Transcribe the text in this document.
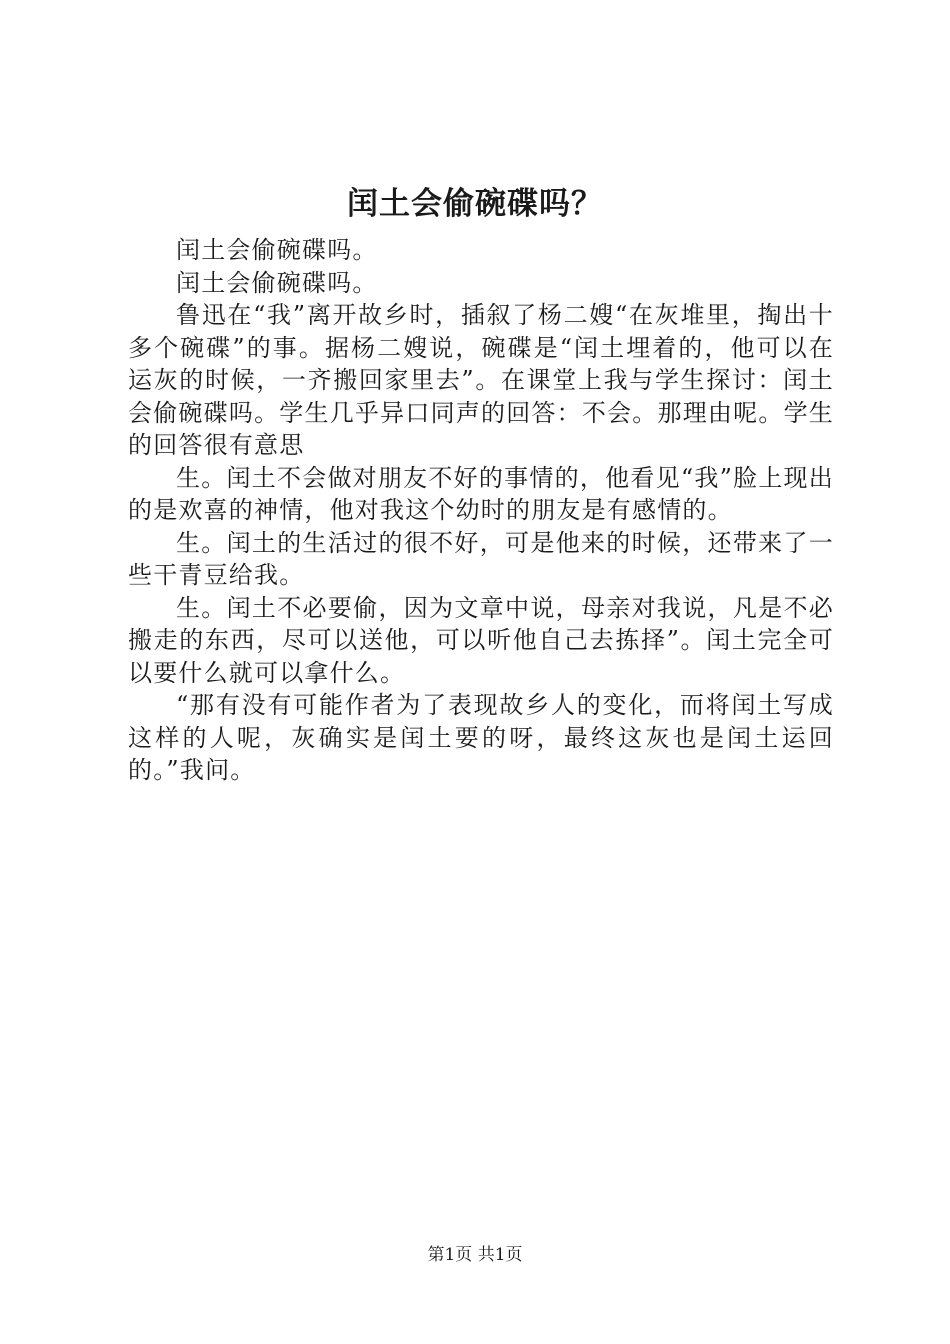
闰土会偷碗碟吗？

闰土会偷碗碟吗。

闰土会偷碗碟吗。

鲁迅在“我”离开故乡时，插叙了杨二嫂“在灰堆里，掏出十多个碗碟”的事。据杨二嫂说，碗碟是“闰土埋着的，他可以在运灰的时候，一齐搬回家里去”。在课堂上我与学生探讨：闰土会偷碗碟吗。学生几乎异口同声的回答：不会。那理由呢。学生的回答很有意思

生。闰土不会做对朋友不好的事情的，他看见“我”脸上现出的是欢喜的神情，他对我这个幼时的朋友是有感情的。

生。闰土的生活过的很不好，可是他来的时候，还带来了一些干青豆给我。

生。闰土不必要偷，因为文章中说，母亲对我说，凡是不必搬走的东西，尽可以送他，可以听他自己去拣择”。闰土完全可以要什么就可以拿什么。

“那有没有可能作者为了表现故乡人的变化，而将闰土写成这样的人呢，灰确实是闰土要的呀，最终这灰也是闰土运回的。”我问。

第1页 共1页
